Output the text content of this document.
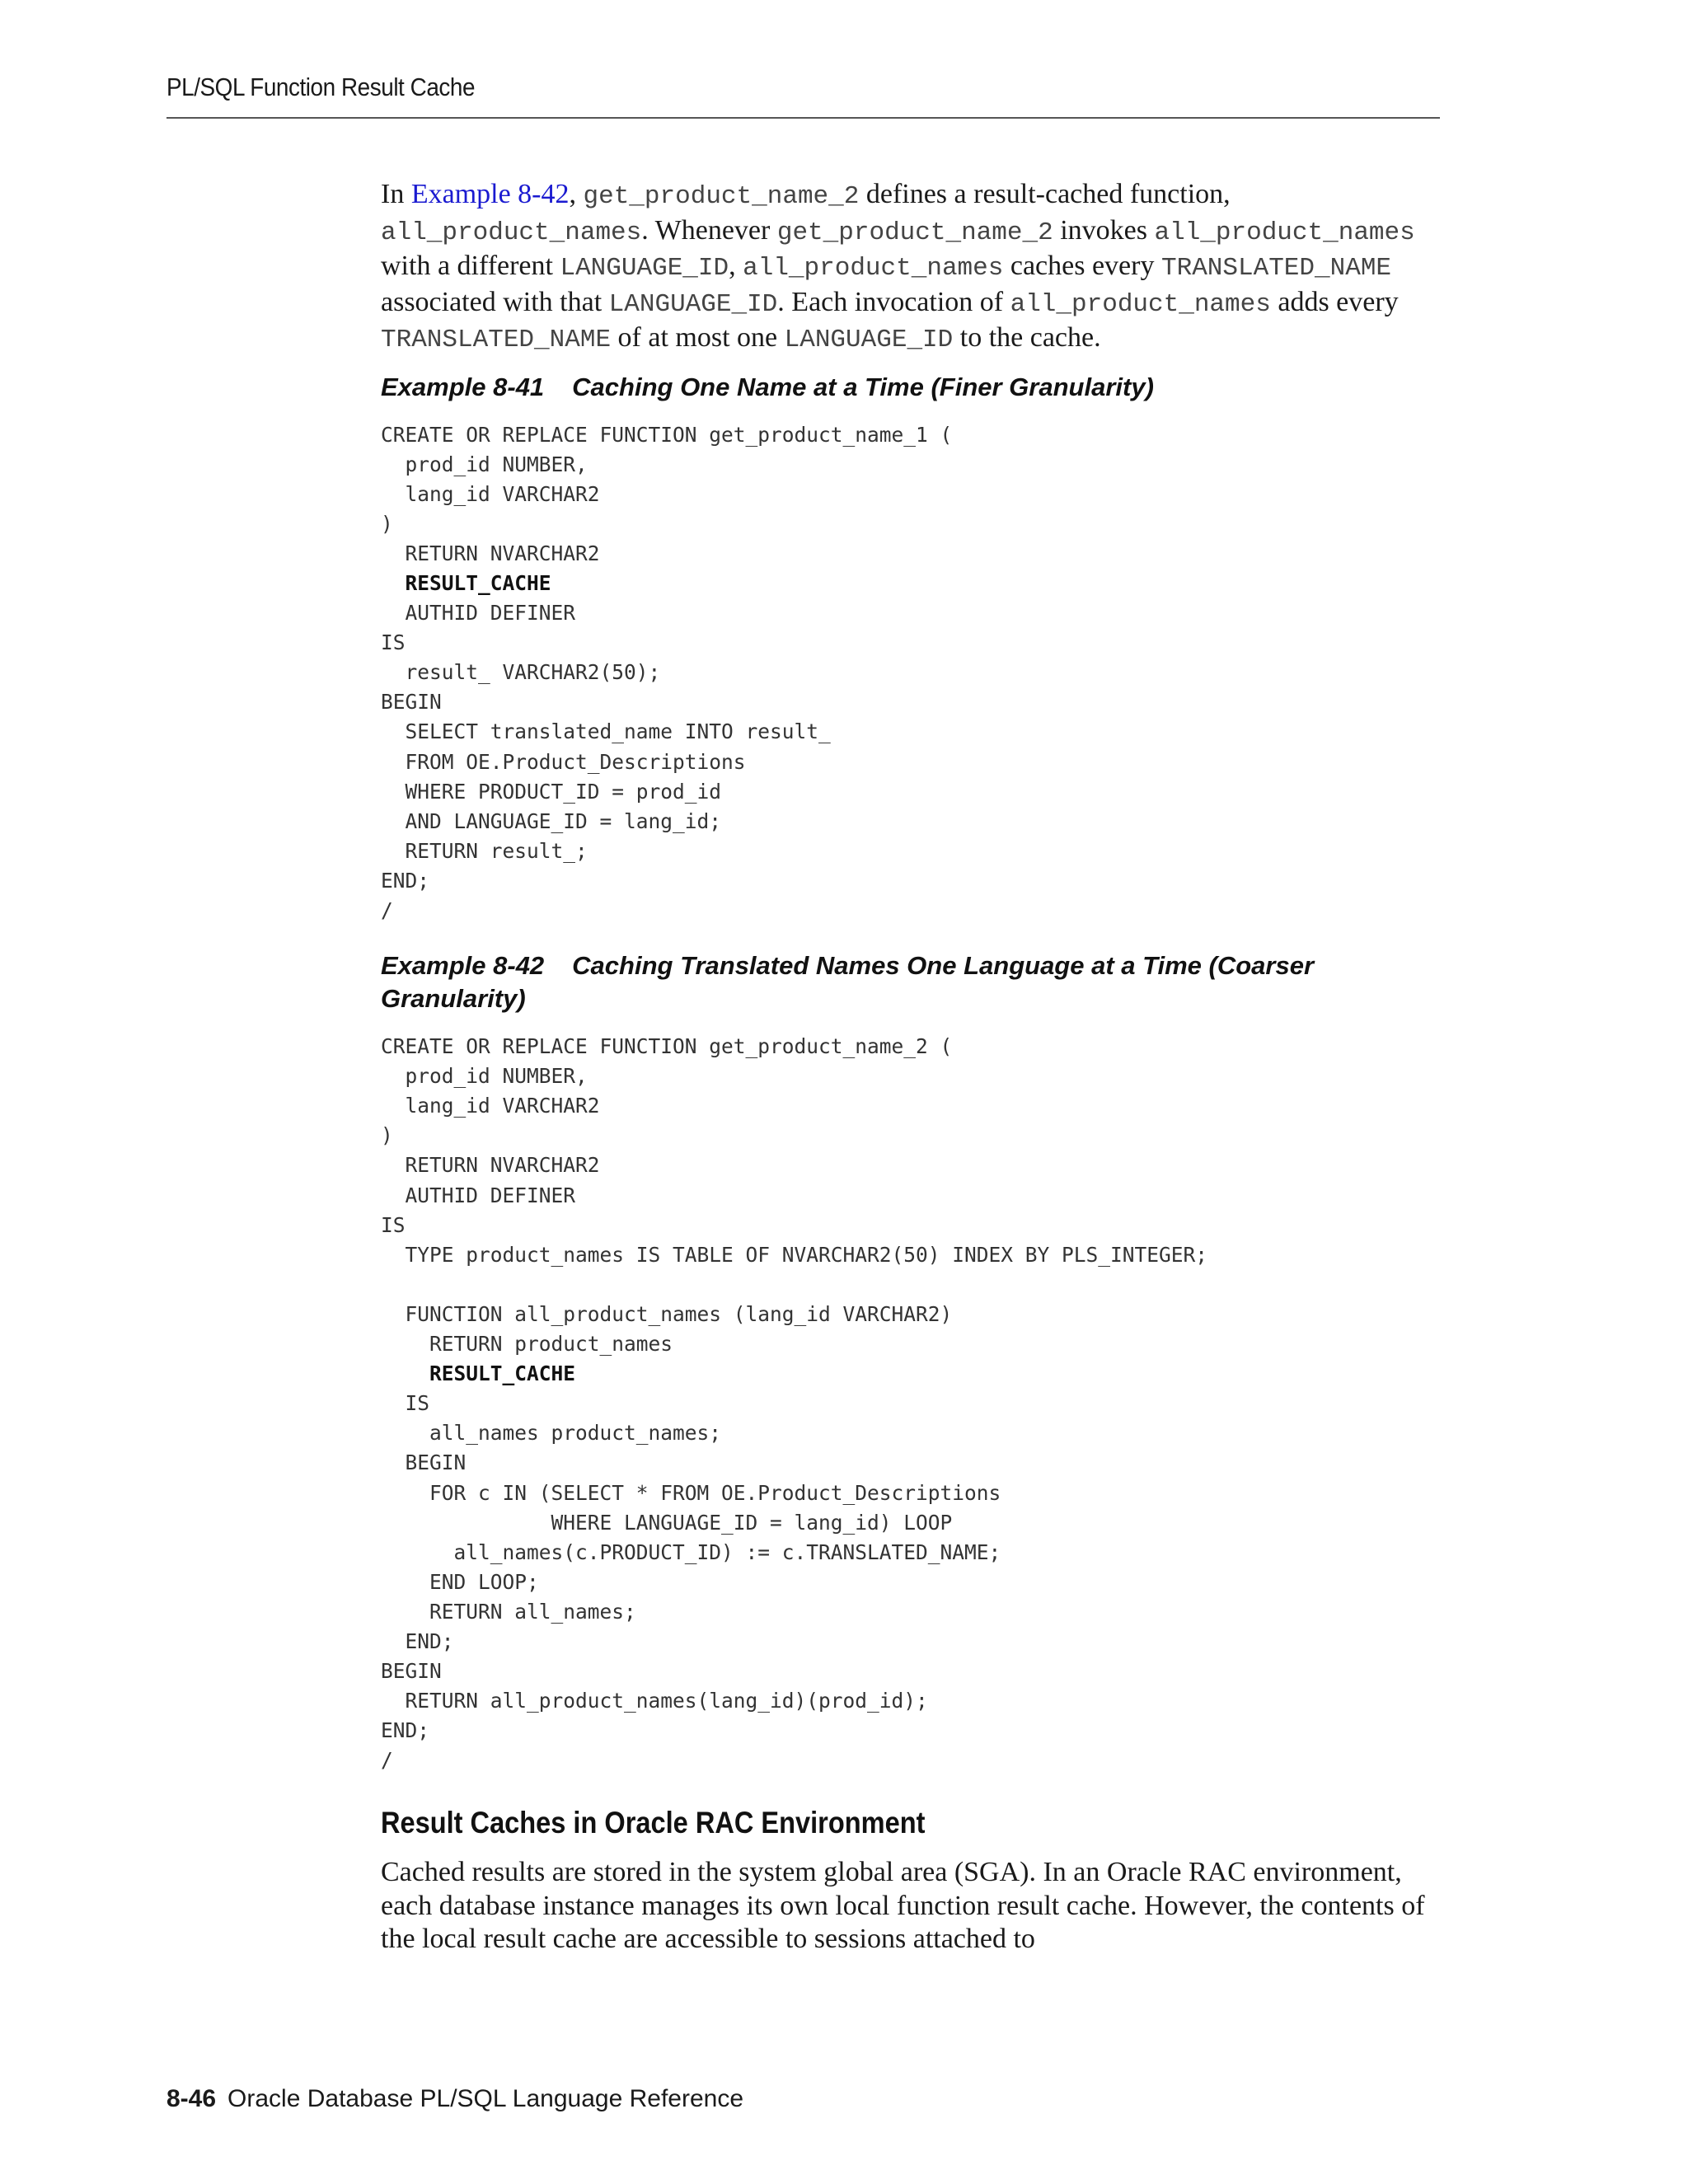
PL/SQL Function Result Cache

In Example 8-42, get_product_name_2 defines a result-cached function, all_product_names. Whenever get_product_name_2 invokes all_product_names with a different LANGUAGE_ID, all_product_names caches every TRANSLATED_NAME associated with that LANGUAGE_ID. Each invocation of all_product_names adds every TRANSLATED_NAME of at most one LANGUAGE_ID to the cache.

Example 8-41 Caching One Name at a Time (Finer Granularity)

CREATE OR REPLACE FUNCTION get_product_name_1 (
prod_id NUMBER,
lang_id VARCHAR2
)
RETURN NVARCHAR2
RESULT_CACHE
AUTHID DEFINER
IS
result_ VARCHAR2(50);
BEGIN
SELECT translated_name INTO result_
FROM OE.Product_Descriptions
WHERE PRODUCT_ID = prod_id
AND LANGUAGE_ID = lang_id;
RETURN result_;
END;
/

Example 8-42 Caching Translated Names One Language at a Time (Coarser Granularity)

CREATE OR REPLACE FUNCTION get_product_name_2 (
prod_id NUMBER,
lang_id VARCHAR2
)
RETURN NVARCHAR2
AUTHID DEFINER
IS
TYPE product_names IS TABLE OF NVARCHAR2(50) INDEX BY PLS_INTEGER;

FUNCTION all_product_names (lang_id VARCHAR2)
RETURN product_names
RESULT_CACHE
IS
all_names product_names;
BEGIN
FOR c IN (SELECT * FROM OE.Product_Descriptions
WHERE LANGUAGE_ID = lang_id) LOOP
all_names(c.PRODUCT_ID) := c.TRANSLATED_NAME;
END LOOP;
RETURN all_names;
END;
BEGIN
RETURN all_product_names(lang_id)(prod_id);
END;
/
Result Caches in Oracle RAC Environment

Cached results are stored in the system global area (SGA). In an Oracle RAC environment, each database instance manages its own local function result cache. However, the contents of the local result cache are accessible to sessions attached to

8-46 Oracle Database PL/SQL Language Reference
